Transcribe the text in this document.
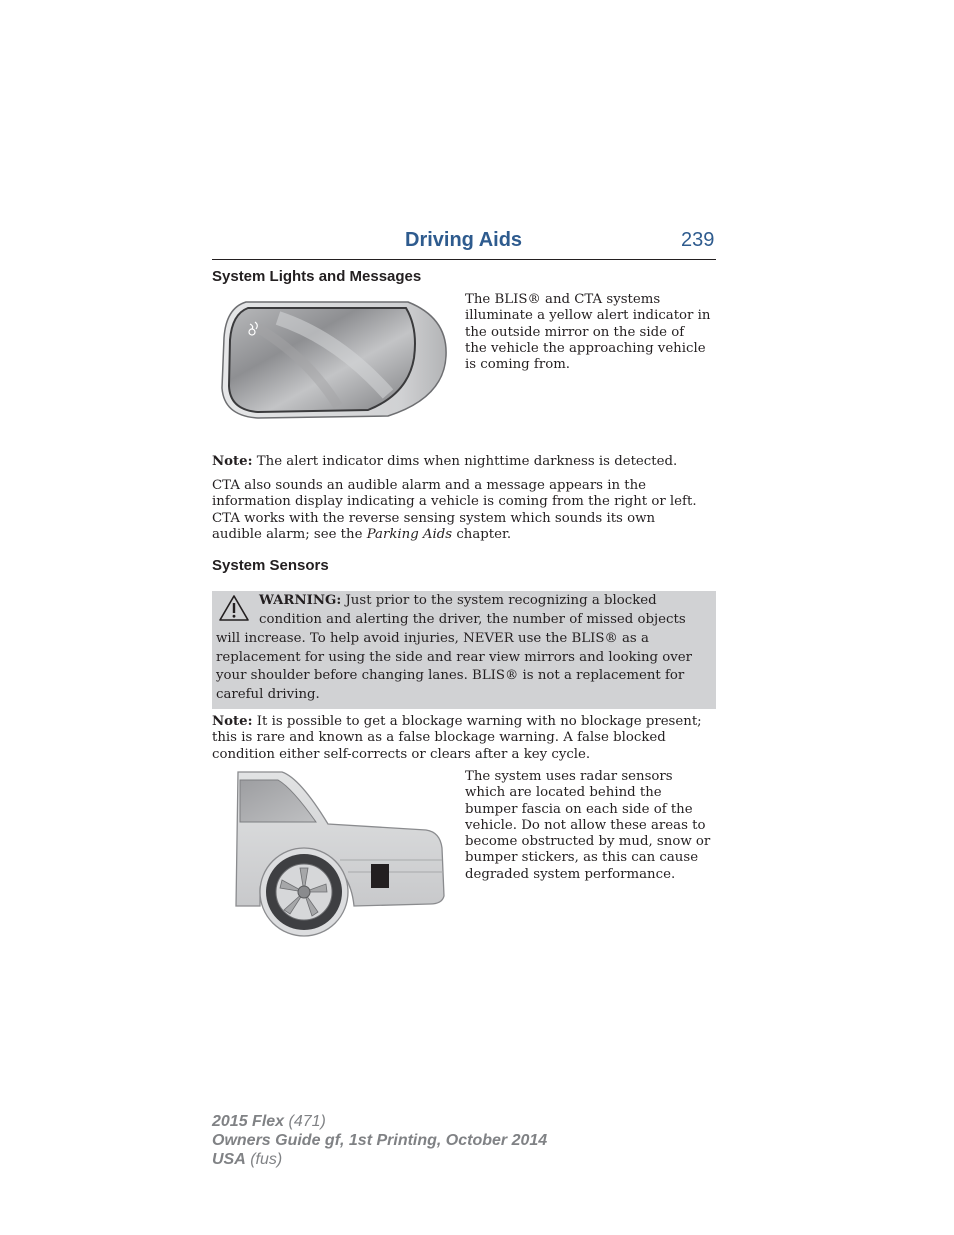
Driving Aids	239
System Lights and Messages
The BLIS® and CTA systems
illuminate a yellow alert indicator in
the outside mirror on the side of
the vehicle the approaching vehicle
is coming from.
Note: The alert indicator dims when nighttime darkness is detected.
CTA also sounds an audible alarm and a message appears in the
information display indicating a vehicle is coming from the right or left.
CTA works with the reverse sensing system which sounds its own
audible alarm; see the Parking Aids chapter.
System Sensors
WARNING: Just prior to the system recognizing a blocked
condition and alerting the driver, the number of missed objects
will increase. To help avoid injuries, NEVER use the BLIS® as a
replacement for using the side and rear view mirrors and looking over
your shoulder before changing lanes. BLIS® is not a replacement for
careful driving.
Note: It is possible to get a blockage warning with no blockage present;
this is rare and known as a false blockage warning. A false blocked
condition either self-corrects or clears after a key cycle.
The system uses radar sensors
which are located behind the
bumper fascia on each side of the
vehicle. Do not allow these areas to
become obstructed by mud, snow or
bumper stickers, as this can cause
degraded system performance.
2015 Flex (471)
Owners Guide gf, 1st Printing, October 2014
USA (fus)
